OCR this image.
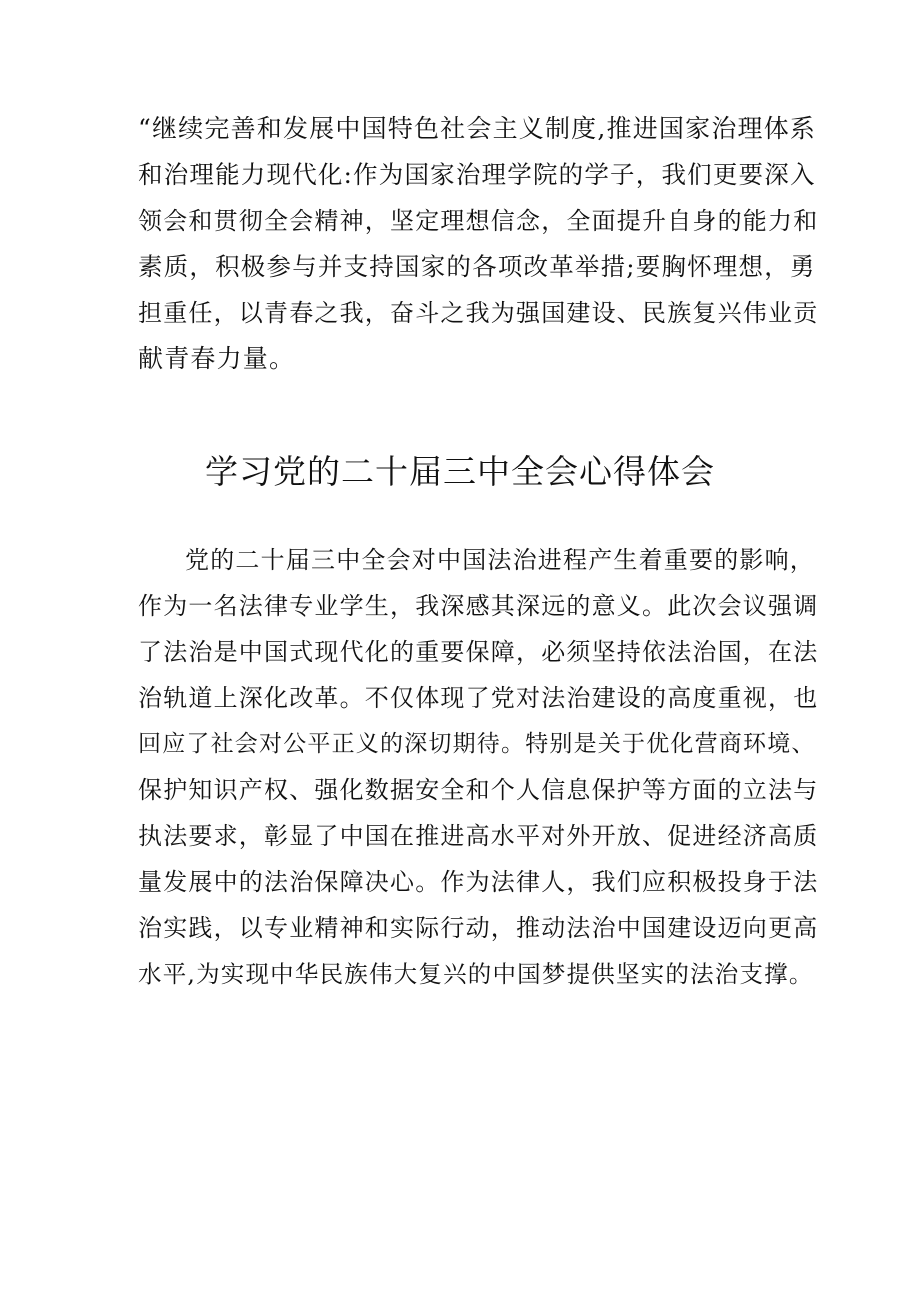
“继续完善和发展中国特色社会主义制度,推进国家治理体系
和治理能力现代化:作为国家治理学院的学子，我们更要深入
领会和贯彻全会精神，坚定理想信念，全面提升自身的能力和
素质，积极参与并支持国家的各项改革举措;要胸怀理想，勇
担重任，以青春之我，奋斗之我为强国建设、民族复兴伟业贡
献青春力量。
学习党的二十届三中全会心得体会
党的二十届三中全会对中国法治进程产生着重要的影响，
作为一名法律专业学生，我深感其深远的意义。此次会议强调
了法治是中国式现代化的重要保障，必须坚持依法治国，在法
治轨道上深化改革。不仅体现了党对法治建设的高度重视，也
回应了社会对公平正义的深切期待。特别是关于优化营商环境、
保护知识产权、强化数据安全和个人信息保护等方面的立法与
执法要求，彰显了中国在推进高水平对外开放、促进经济高质
量发展中的法治保障决心。作为法律人，我们应积极投身于法
治实践，以专业精神和实际行动，推动法治中国建设迈向更高
水平,为实现中华民族伟大复兴的中国梦提供坚实的法治支撑。
